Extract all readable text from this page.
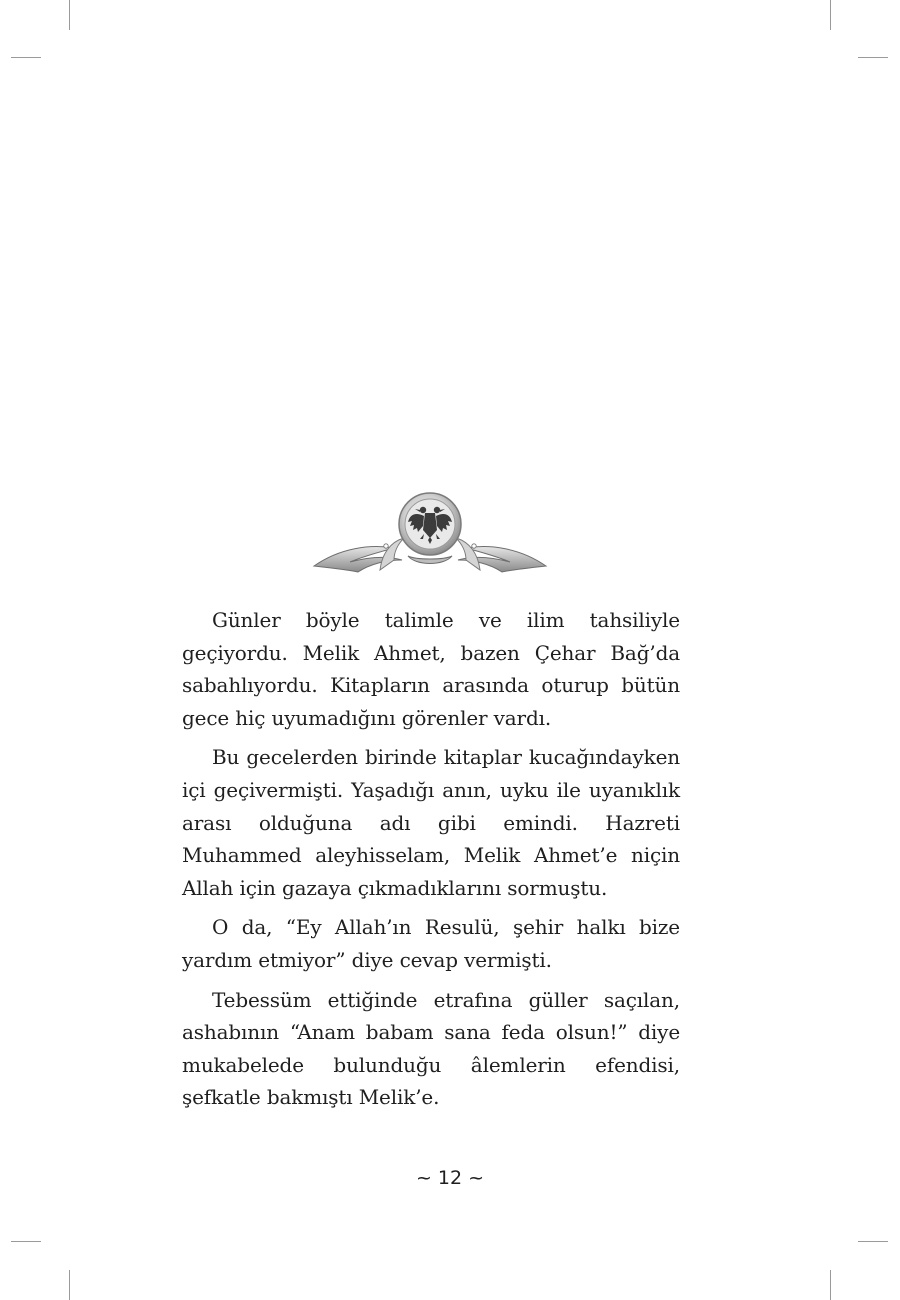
Günler böyle talimle ve ilim tahsiliyle geçiyordu. Melik Ahmet, bazen Çehar Bağ’da sabahlıyordu. Kitapların arasında oturup bütün gece hiç uyumadığını görenler vardı.

Bu gecelerden birinde kitaplar kucağındayken içi geçivermişti. Yaşadığı anın, uyku ile uyanıklık arası olduğuna adı gibi emindi. Hazreti Muhammed aleyhisselam, Melik Ahmet’e niçin Allah için gazaya çıkmadıklarını sormuştu.

O da, “Ey Allah’ın Resulü, şehir halkı bize yardım etmiyor” diye cevap vermişti.

Tebessüm ettiğinde etrafına güller saçılan, ashabının “Anam babam sana feda olsun!” diye mukabelede bulunduğu âlemlerin efendisi, şefkatle bakmıştı Melik’e.

~ 12 ~
